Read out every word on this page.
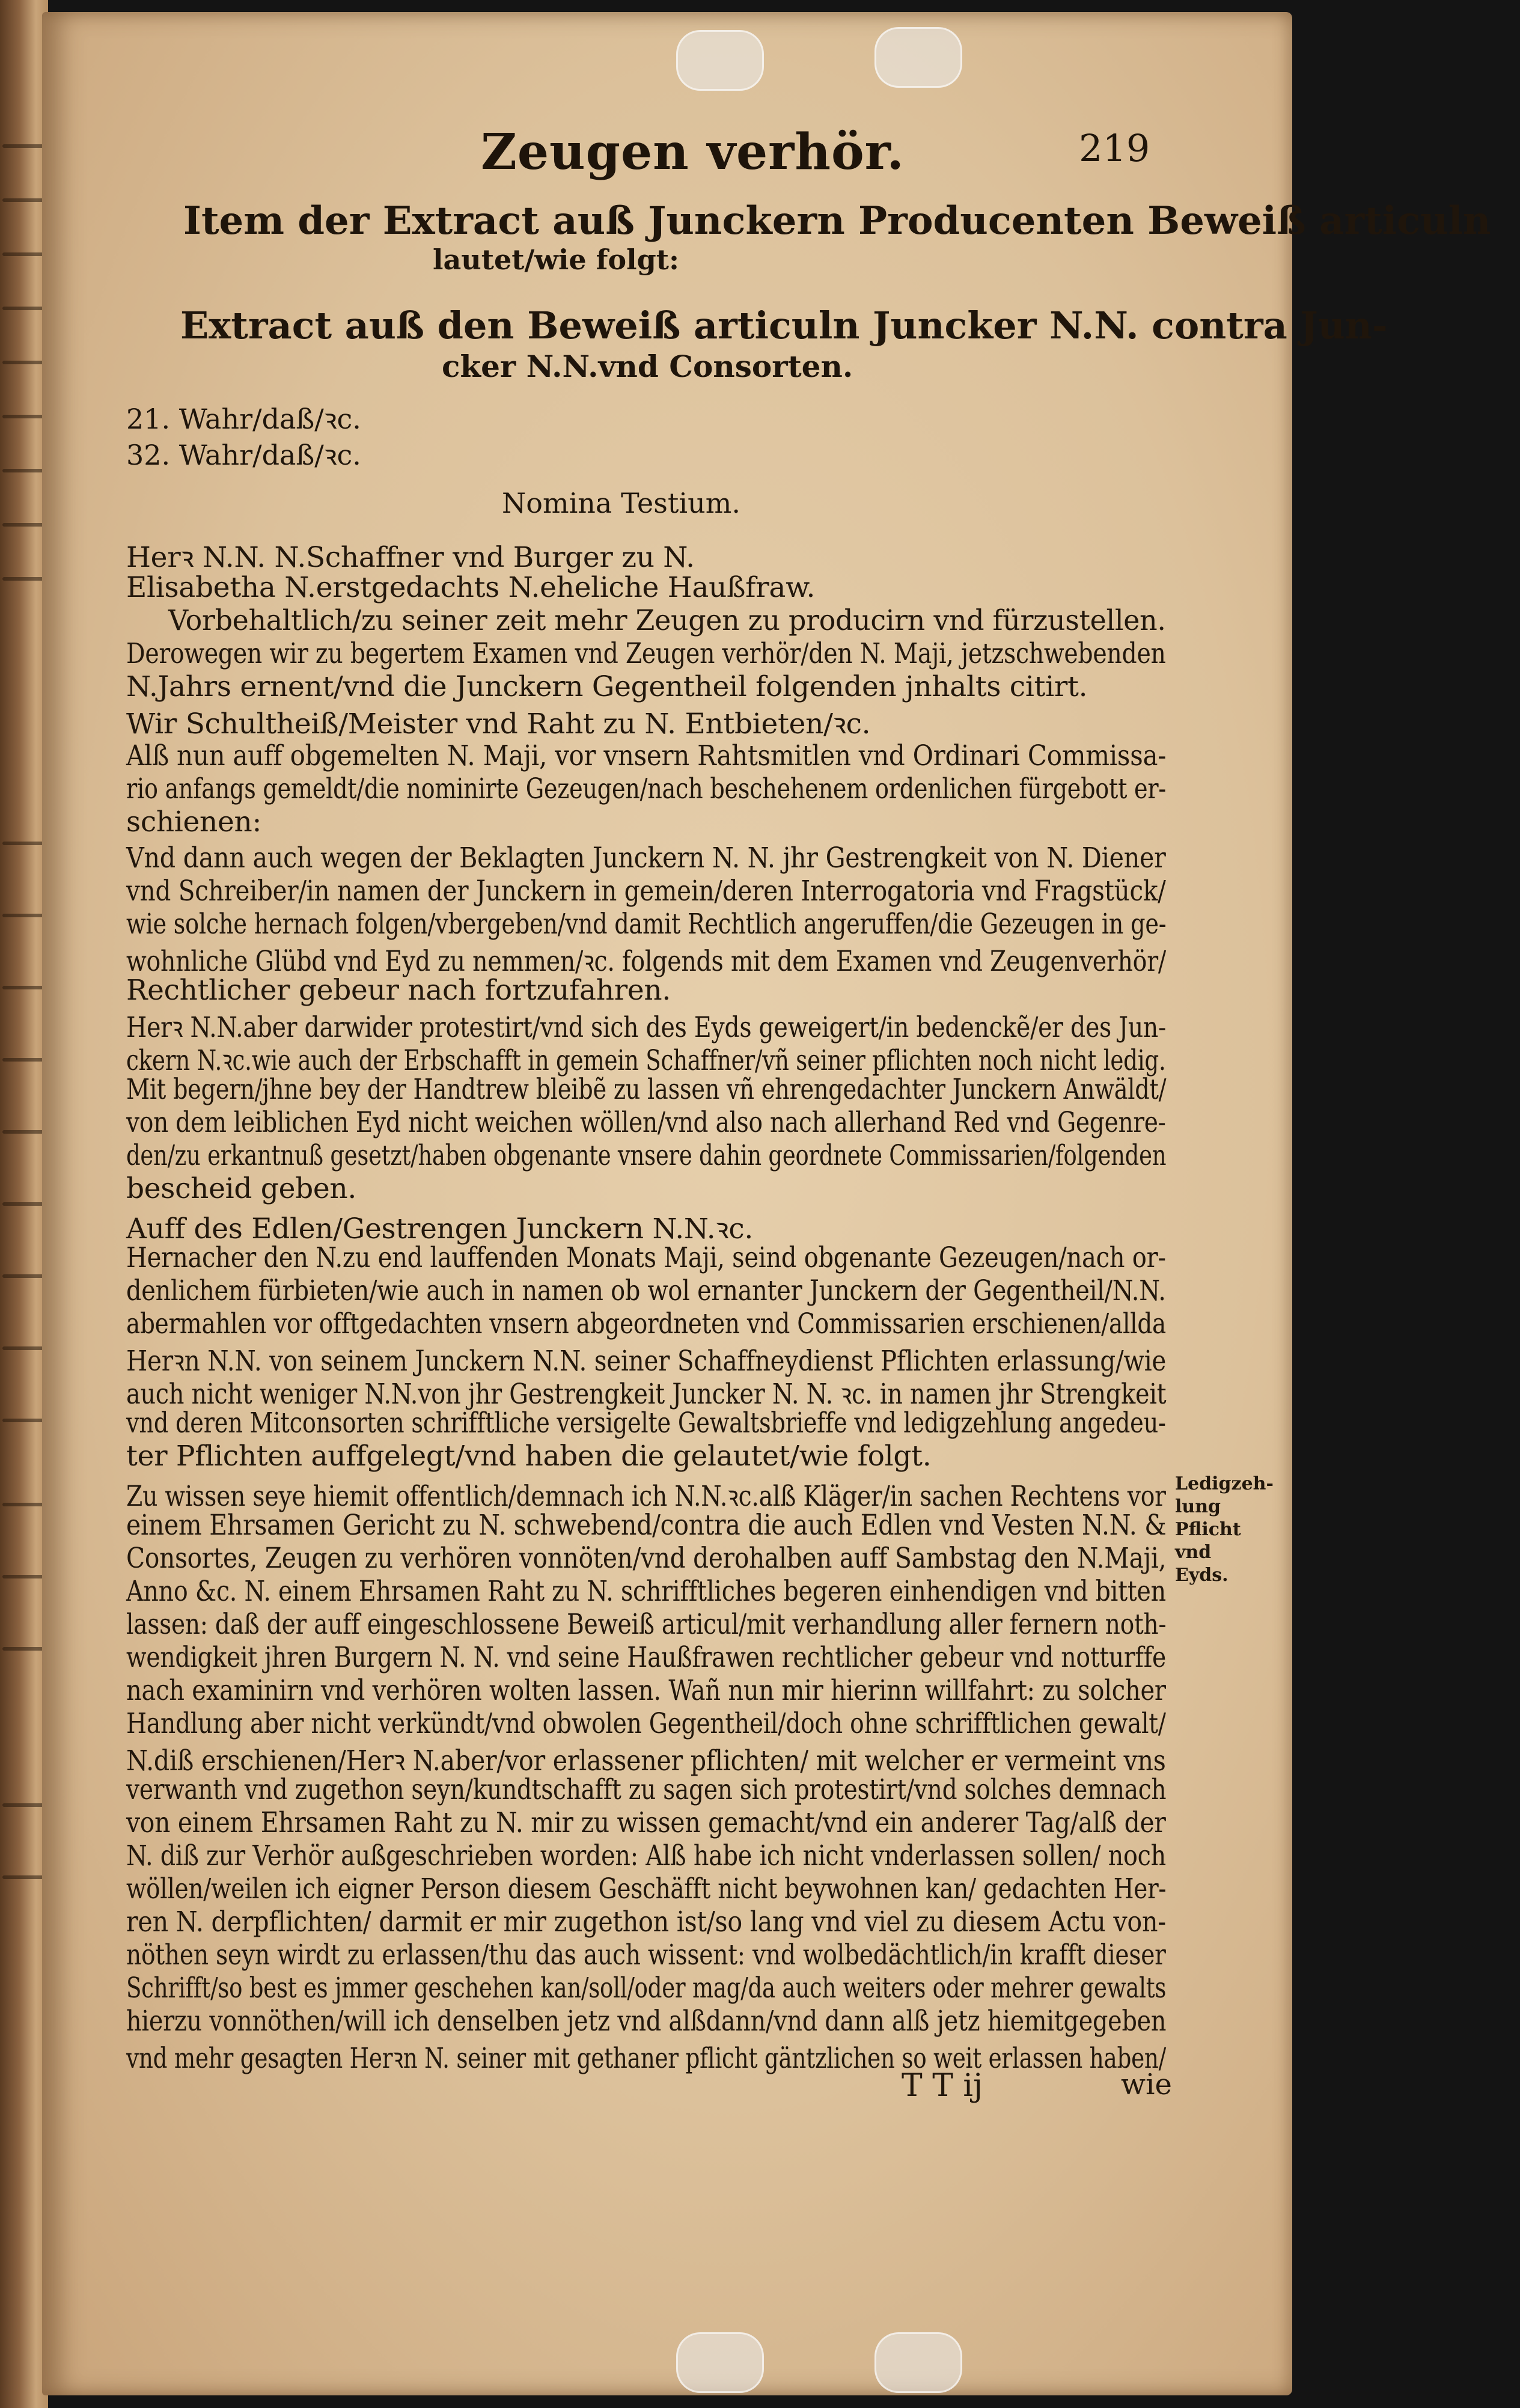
Zeugen verhör.	219
Item der Extract auß Junckern Producenten Beweiß articuln
lautet/wie folgt:
Extract auß den Beweiß articuln Juncker N.N. contra Jun-
cker N.N.vnd Consorten.
21. Wahr/daß/ꝛc.
32. Wahr/daß/ꝛc.
Nomina Testium.
Herꝛ N.N. N.Schaffner vnd Burger zu N.
Elisabetha N.erstgedachts N.eheliche Haußfraw.
Vorbehaltlich/zu seiner zeit mehr Zeugen zu producirn vnd fürzustellen.
Derowegen wir zu begertem Examen vnd Zeugen verhör/den N. Maji, jetzschwebenden
N.Jahrs ernent/vnd die Junckern Gegentheil folgenden jnhalts citirt.
Wir Schultheiß/Meister vnd Raht zu N. Entbieten/ꝛc.
Alß nun auff obgemelten N. Maji, vor vnsern Rahtsmitlen vnd Ordinari Commissa-
rio anfangs gemeldt/die nominirte Gezeugen/nach beschehenem ordenlichen fürgebott er-
schienen:
Vnd dann auch wegen der Beklagten Junckern N. N. jhr Gestrengkeit von N. Diener
vnd Schreiber/in namen der Junckern in gemein/deren Interrogatoria vnd Fragstück/
wie solche hernach folgen/vbergeben/vnd damit Rechtlich angeruffen/die Gezeugen in ge-
wohnliche Glübd vnd Eyd zu nemmen/ꝛc. folgends mit dem Examen vnd Zeugenverhör/
Rechtlicher gebeur nach fortzufahren.
Herꝛ N.N.aber darwider protestirt/vnd sich des Eyds geweigert/in bedenckẽ/er des Jun-
ckern N.ꝛc.wie auch der Erbschafft in gemein Schaffner/vñ seiner pflichten noch nicht ledig.
Mit begern/jhne bey der Handtrew bleibẽ zu lassen vñ ehrengedachter Junckern Anwäldt/
von dem leiblichen Eyd nicht weichen wöllen/vnd also nach allerhand Red vnd Gegenre-
den/zu erkantnuß gesetzt/haben obgenante vnsere dahin geordnete Commissarien/folgenden
bescheid geben.
Auff des Edlen/Gestrengen Junckern N.N.ꝛc.
Hernacher den N.zu end lauffenden Monats Maji, seind obgenante Gezeugen/nach or-
denlichem fürbieten/wie auch in namen ob wol ernanter Junckern der Gegentheil/N.N.
abermahlen vor offtgedachten vnsern abgeordneten vnd Commissarien erschienen/allda
Herꝛn N.N. von seinem Junckern N.N. seiner Schaffneydienst Pflichten erlassung/wie
auch nicht weniger N.N.von jhr Gestrengkeit Juncker N. N. ꝛc. in namen jhr Strengkeit
vnd deren Mitconsorten schrifftliche versigelte Gewaltsbrieffe vnd ledigzehlung angedeu-
ter Pflichten auffgelegt/vnd haben die gelautet/wie folgt.
Zu wissen seye hiemit offentlich/demnach ich N.N.ꝛc.alß Kläger/in sachen Rechtens vor
einem Ehrsamen Gericht zu N. schwebend/contra die auch Edlen vnd Vesten N.N. &
Consortes, Zeugen zu verhören vonnöten/vnd derohalben auff Sambstag den N.Maji,
Anno &c. N. einem Ehrsamen Raht zu N. schrifftliches begeren einhendigen vnd bitten
lassen: daß der auff eingeschlossene Beweiß articul/mit verhandlung aller fernern noth-
wendigkeit jhren Burgern N. N. vnd seine Haußfrawen rechtlicher gebeur vnd notturffe
nach examinirn vnd verhören wolten lassen. Wañ nun mir hierinn willfahrt: zu solcher
Handlung aber nicht verkündt/vnd obwolen Gegentheil/doch ohne schrifftlichen gewalt/
N.diß erschienen/Herꝛ N.aber/vor erlassener pflichten/ mit welcher er vermeint vns
verwanth vnd zugethon seyn/kundtschafft zu sagen sich protestirt/vnd solches demnach
von einem Ehrsamen Raht zu N. mir zu wissen gemacht/vnd ein anderer Tag/alß der
N. diß zur Verhör außgeschrieben worden: Alß habe ich nicht vnderlassen sollen/ noch
wöllen/weilen ich eigner Person diesem Geschäfft nicht beywohnen kan/ gedachten Her-
ren N. derpflichten/ darmit er mir zugethon ist/so lang vnd viel zu diesem Actu von-
nöthen seyn wirdt zu erlassen/thu das auch wissent: vnd wolbedächtlich/in krafft dieser
Schrifft/so best es jmmer geschehen kan/soll/oder mag/da auch weiters oder mehrer gewalts
hierzu vonnöthen/will ich denselben jetz vnd alßdann/vnd dann alß jetz hiemitgegeben
vnd mehr gesagten Herꝛn N. seiner mit gethaner pflicht gäntzlichen so weit erlassen haben/
Ledigzeh-
lung Pflicht
vnd Eyds.
T T ij	wie
